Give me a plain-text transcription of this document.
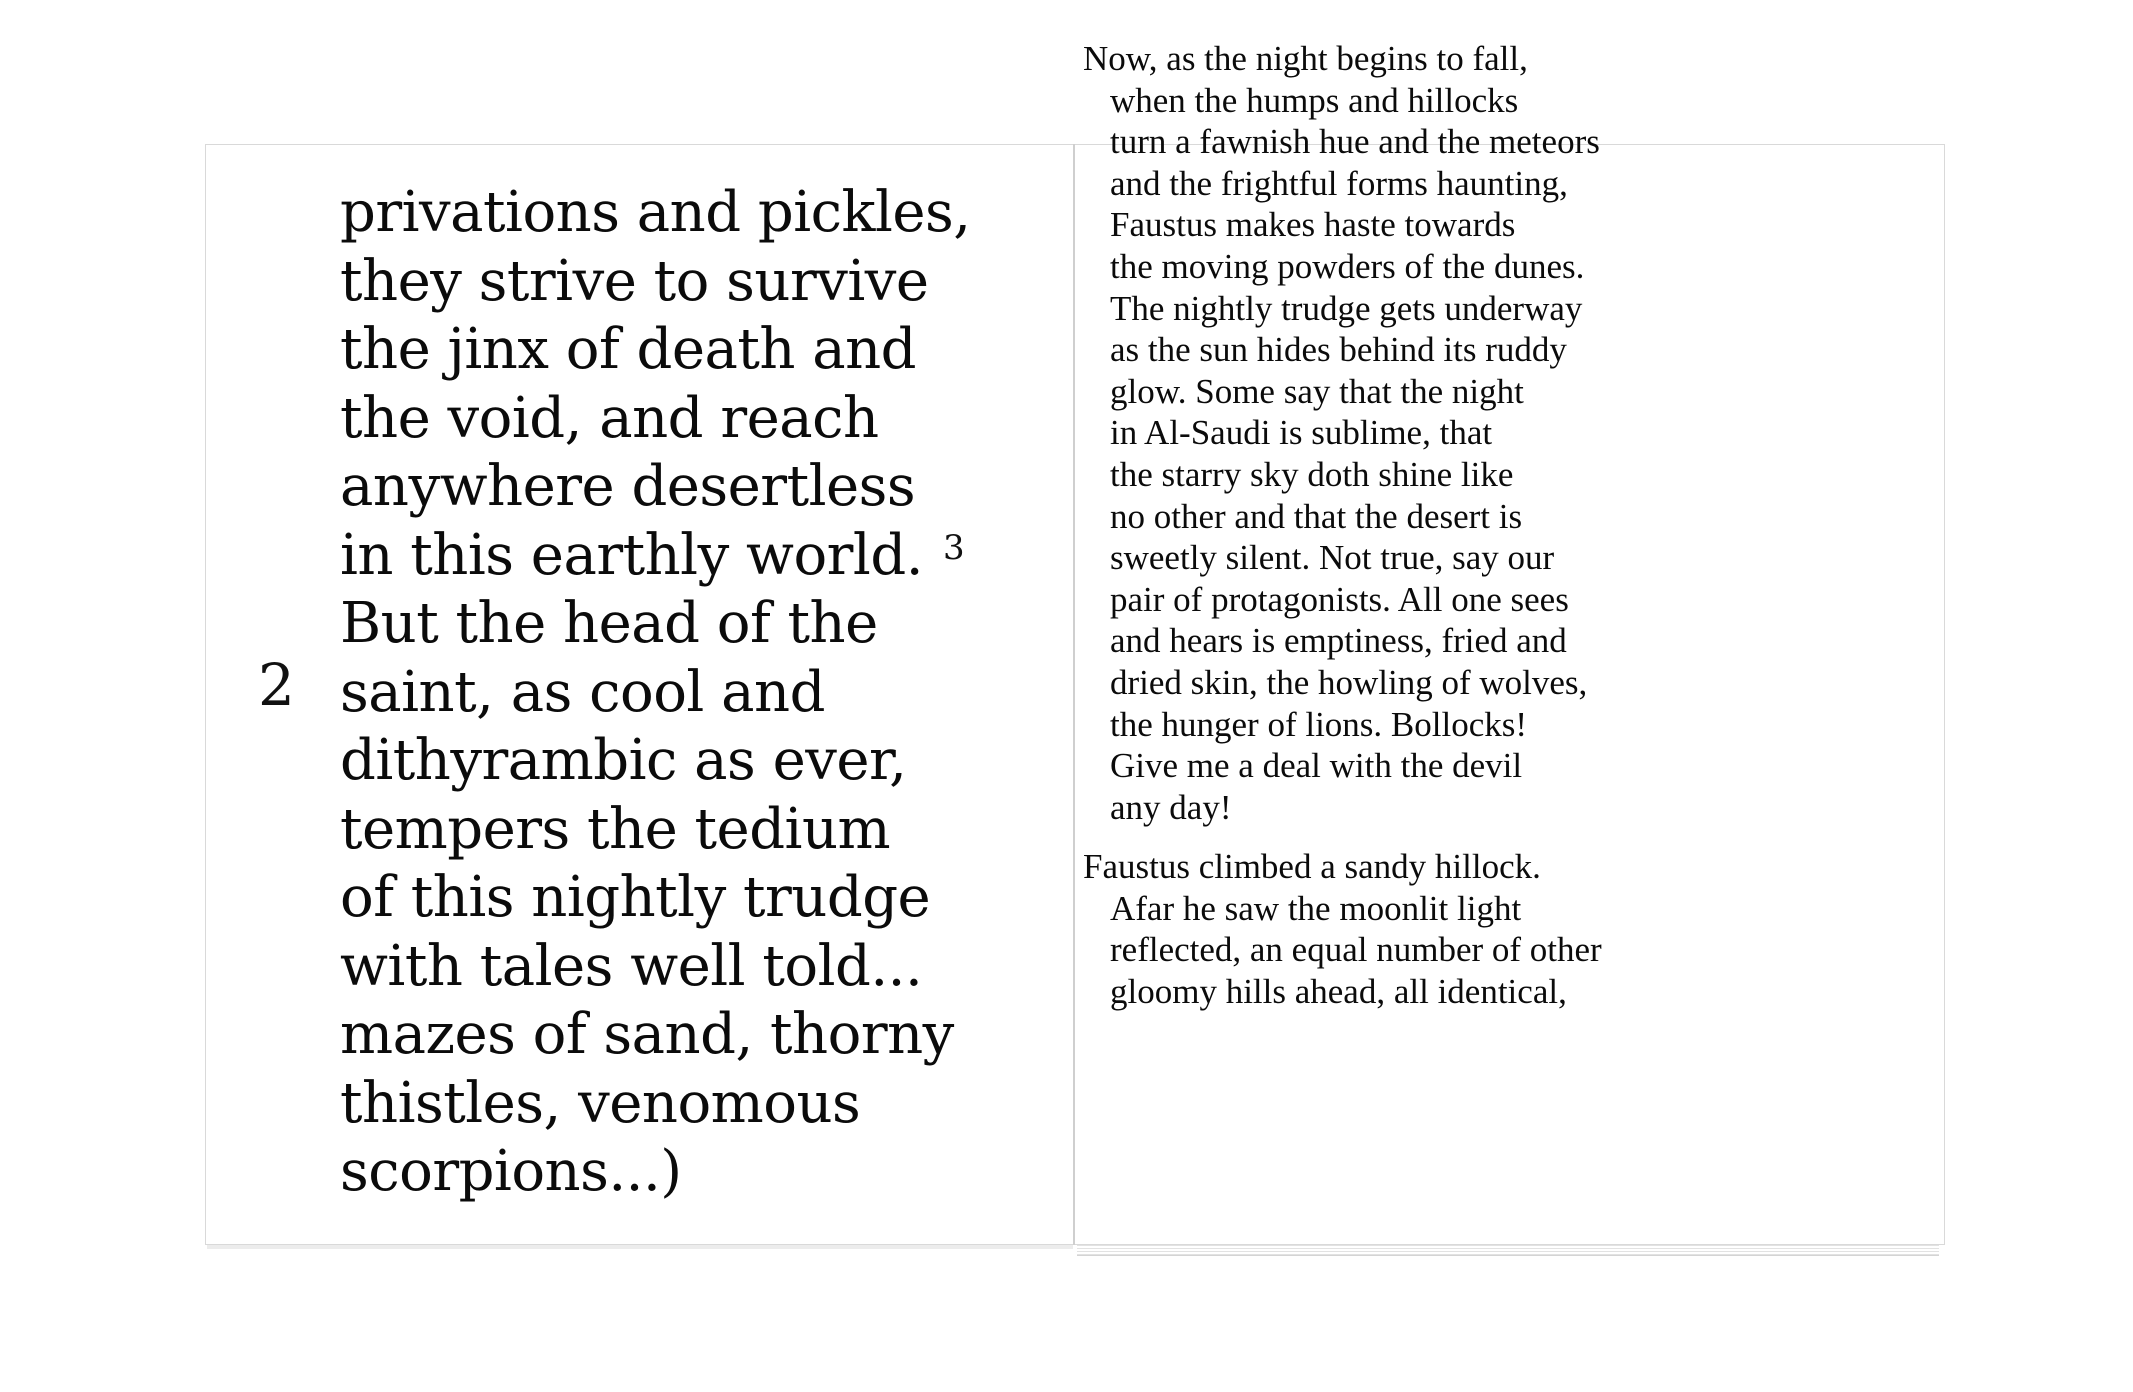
2
privations and pickles,
they strive to survive
the jinx of death and
the void, and reach
anywhere desertless
in this earthly world.
But the head of the
saint, as cool and
dithyrambic as ever,
tempers the tedium
of this nightly trudge
with tales well told...
mazes of sand, thorny
thistles, venomous
scorpions...)
3
Now, as the night begins to fall,
when the humps and hillocks
turn a fawnish hue and the meteors
and the frightful forms haunting,
Faustus makes haste towards
the moving powders of the dunes.
The nightly trudge gets underway
as the sun hides behind its ruddy
glow. Some say that the night
in Al-Saudi is sublime, that
the starry sky doth shine like
no other and that the desert is
sweetly silent. Not true, say our
pair of protagonists. All one sees
and hears is emptiness, fried and
dried skin, the howling of wolves,
the hunger of lions. Bollocks!
Give me a deal with the devil
any day!
Faustus climbed a sandy hillock.
Afar he saw the moonlit light
reflected, an equal number of other
gloomy hills ahead, all identical,
